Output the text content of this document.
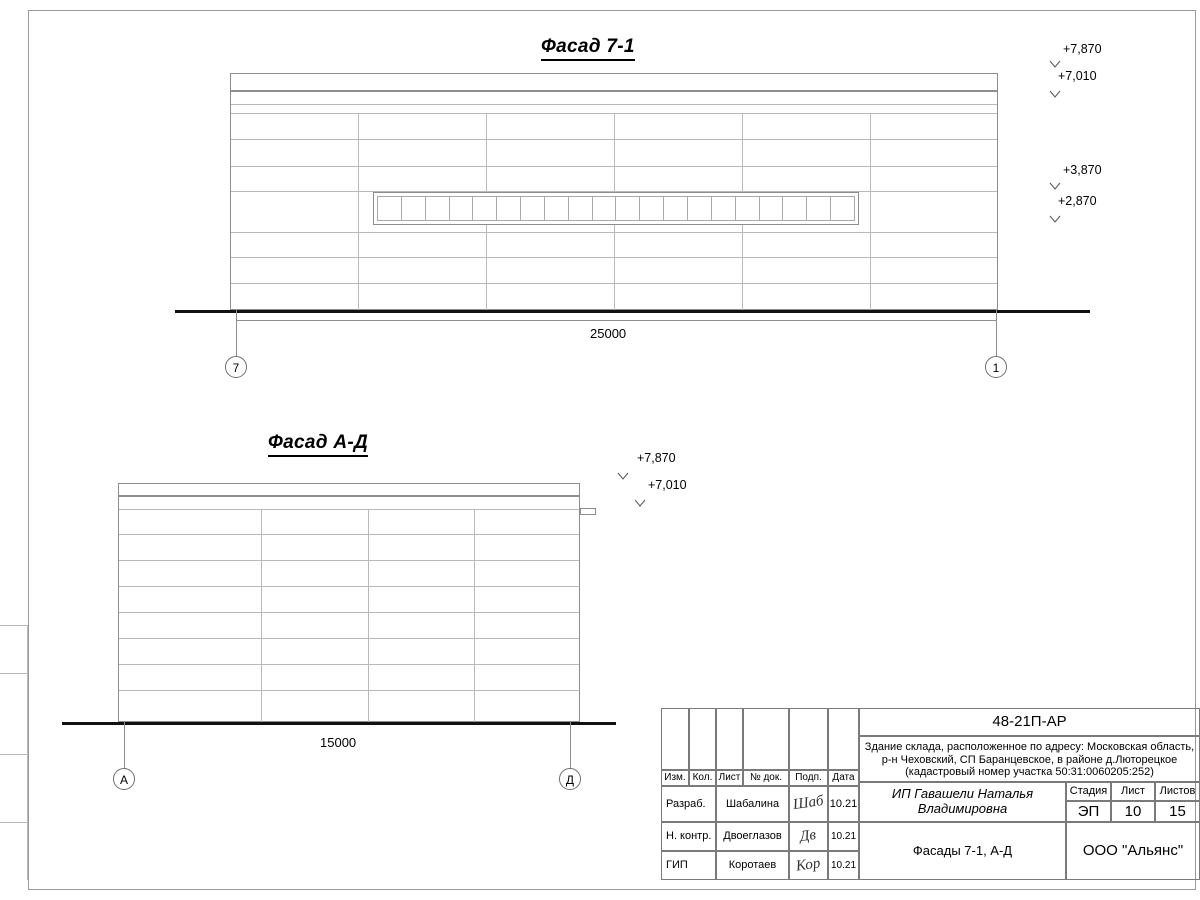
Фасад 7-1
25000
7	1
+7,870
+7,010
+3,870
+2,870
Фасад А-Д
15000
А	Д
+7,870
+7,010
48-21П-АР
Здание склада, расположенное по адресу: Московская область,
р-н Чеховский, СП Баранцевское, в районе д.Люторецкое
(кадастровый номер участка 50:31:0060205:252)
Изм. Кол. Лист № док.	Подп.	Дата
Разраб.	Шабалина Шаб 10.21
Н. контр.	Двоеглазов	Дв 10.21
ГИП	Коротаев	Кор 10.21
ИП Гавашели Наталья Владимировна
Фасады 7-1, А-Д
Стадия	Лист	Листов
ЭП	10	15
ООО "Альянс"
